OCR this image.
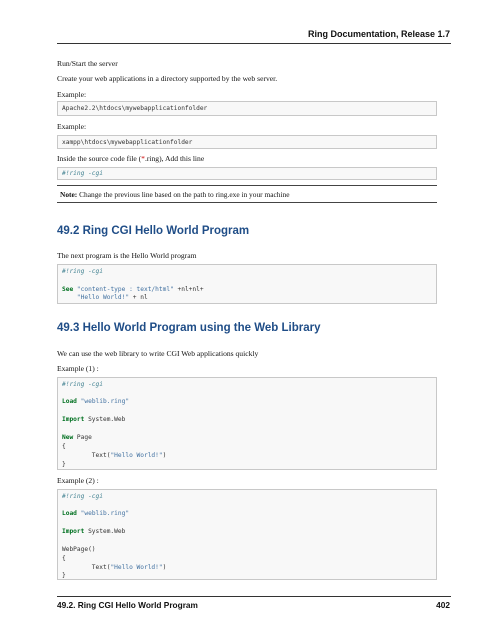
Ring Documentation, Release 1.7
Run/Start the server
Create your web applications in a directory supported by the web server.
Example:
Apache2.2\htdocs\mywebapplicationfolder
Example:
xampp\htdocs\mywebapplicationfolder
Inside the source code file (*.ring), Add this line
#!ring -cgi
Note: Change the previous line based on the path to ring.exe in your machine
49.2 Ring CGI Hello World Program
The next program is the Hello World program
#!ring -cgi
See "content-type : text/html" +nl+nl+
"Hello World!" + nl
49.3 Hello World Program using the Web Library
We can use the web library to write CGI Web applications quickly
Example (1) :
#!ring -cgi
Load "weblib.ring"
Import System.Web
New Page
{
Text("Hello World!")
}
Example (2) :
#!ring -cgi
Load "weblib.ring"
Import System.Web
WebPage()
{
Text("Hello World!")
}
49.2. Ring CGI Hello World Program	402
